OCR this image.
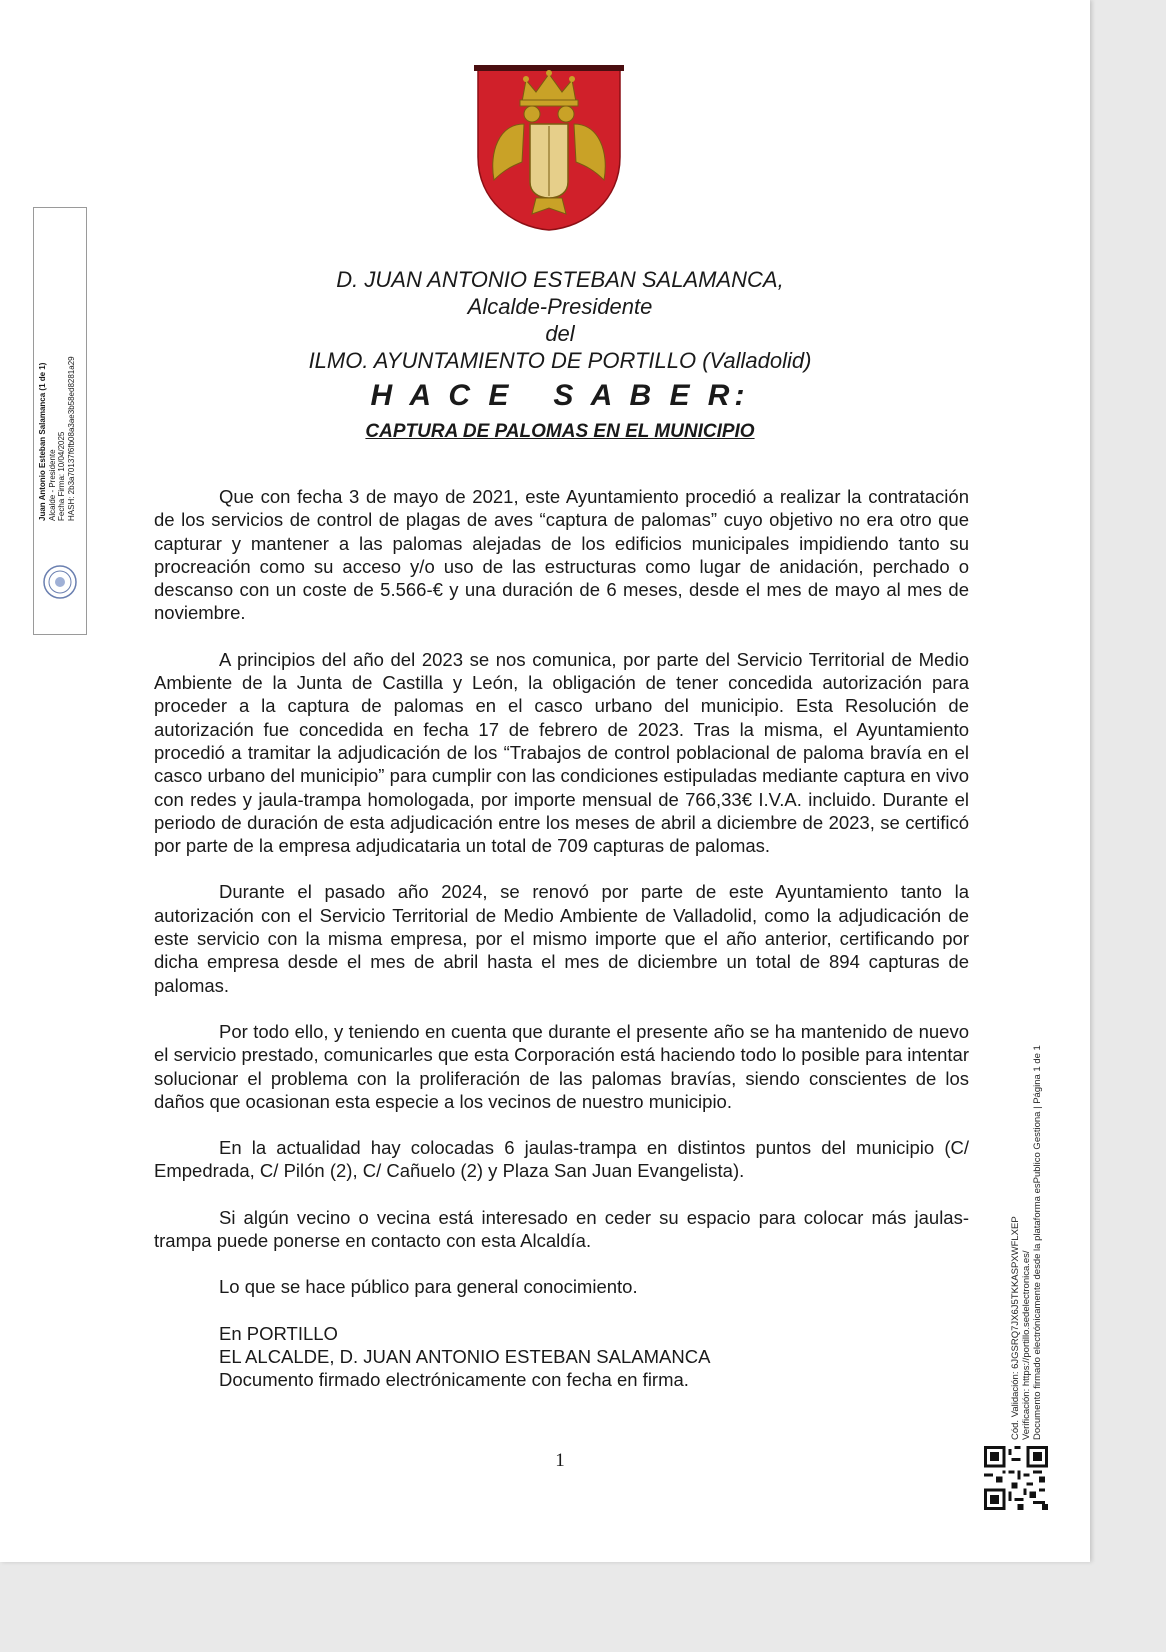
D. JUAN ANTONIO ESTEBAN SALAMANCA,
Alcalde-Presidente
del
ILMO. AYUNTAMIENTO DE PORTILLO (Valladolid)
H A C E   S A B E R:
CAPTURA DE PALOMAS EN EL MUNICIPIO

Que con fecha 3 de mayo de 2021, este Ayuntamiento procedió a realizar la contratación de los servicios de control de plagas de aves “captura de palomas” cuyo objetivo no era otro que capturar y mantener a las palomas alejadas de los edificios municipales impidiendo tanto su procreación como su acceso y/o uso de las estructuras como lugar de anidación, perchado o descanso con un coste de 5.566-€ y una duración de 6 meses, desde el mes de mayo al mes de noviembre.

A principios del año del 2023 se nos comunica, por parte del Servicio Territorial de Medio Ambiente de la Junta de Castilla y León, la obligación de tener concedida autorización para proceder a la captura de palomas en el casco urbano del municipio. Esta Resolución de autorización fue concedida en fecha 17 de febrero de 2023. Tras la misma, el Ayuntamiento procedió a tramitar la adjudicación de los “Trabajos de control poblacional de paloma bravía en el casco urbano del municipio” para cumplir con las condiciones estipuladas mediante captura en vivo con redes y jaula-trampa homologada, por importe mensual de 766,33€ I.V.A. incluido. Durante el periodo de duración de esta adjudicación entre los meses de abril a diciembre de 2023, se certificó por parte de la empresa adjudicataria un total de 709 capturas de palomas.

Durante el pasado año 2024, se renovó por parte de este Ayuntamiento tanto la autorización con el Servicio Territorial de Medio Ambiente de Valladolid, como la adjudicación de este servicio con la misma empresa, por el mismo importe que el año anterior, certificando por dicha empresa desde el mes de abril hasta el mes de diciembre un total de 894 capturas de palomas.

Por todo ello, y teniendo en cuenta que durante el presente año se ha mantenido de nuevo el servicio prestado, comunicarles que esta Corporación está haciendo todo lo posible para intentar solucionar el problema con la proliferación de las palomas bravías, siendo conscientes de los daños que ocasionan esta especie a los vecinos de nuestro municipio.

En la actualidad hay colocadas 6 jaulas-trampa en distintos puntos del municipio (C/ Empedrada, C/ Pilón (2), C/ Cañuelo (2) y Plaza San Juan Evangelista).

Si algún vecino o vecina está interesado en ceder su espacio para colocar más jaulas-trampa puede ponerse en contacto con esta Alcaldía.

Lo que se hace público para general conocimiento.

En PORTILLO
EL ALCALDE, D. JUAN ANTONIO ESTEBAN SALAMANCA
Documento firmado electrónicamente con fecha en firma.
1
Juan Antonio Esteban Salamanca (1 de 1) Alcalde - Presidente Fecha Firma: 10/04/2025 HASH: 2b3a70137f6fb08a3ae3b58ed8281a29
Cód. Validación: 6JGSRQ7JX6J5TKKASPXWFLXEP Verificación: https://portillo.sedelectronica.es/ Documento firmado electrónicamente desde la plataforma esPublico Gestiona | Página 1 de 1
